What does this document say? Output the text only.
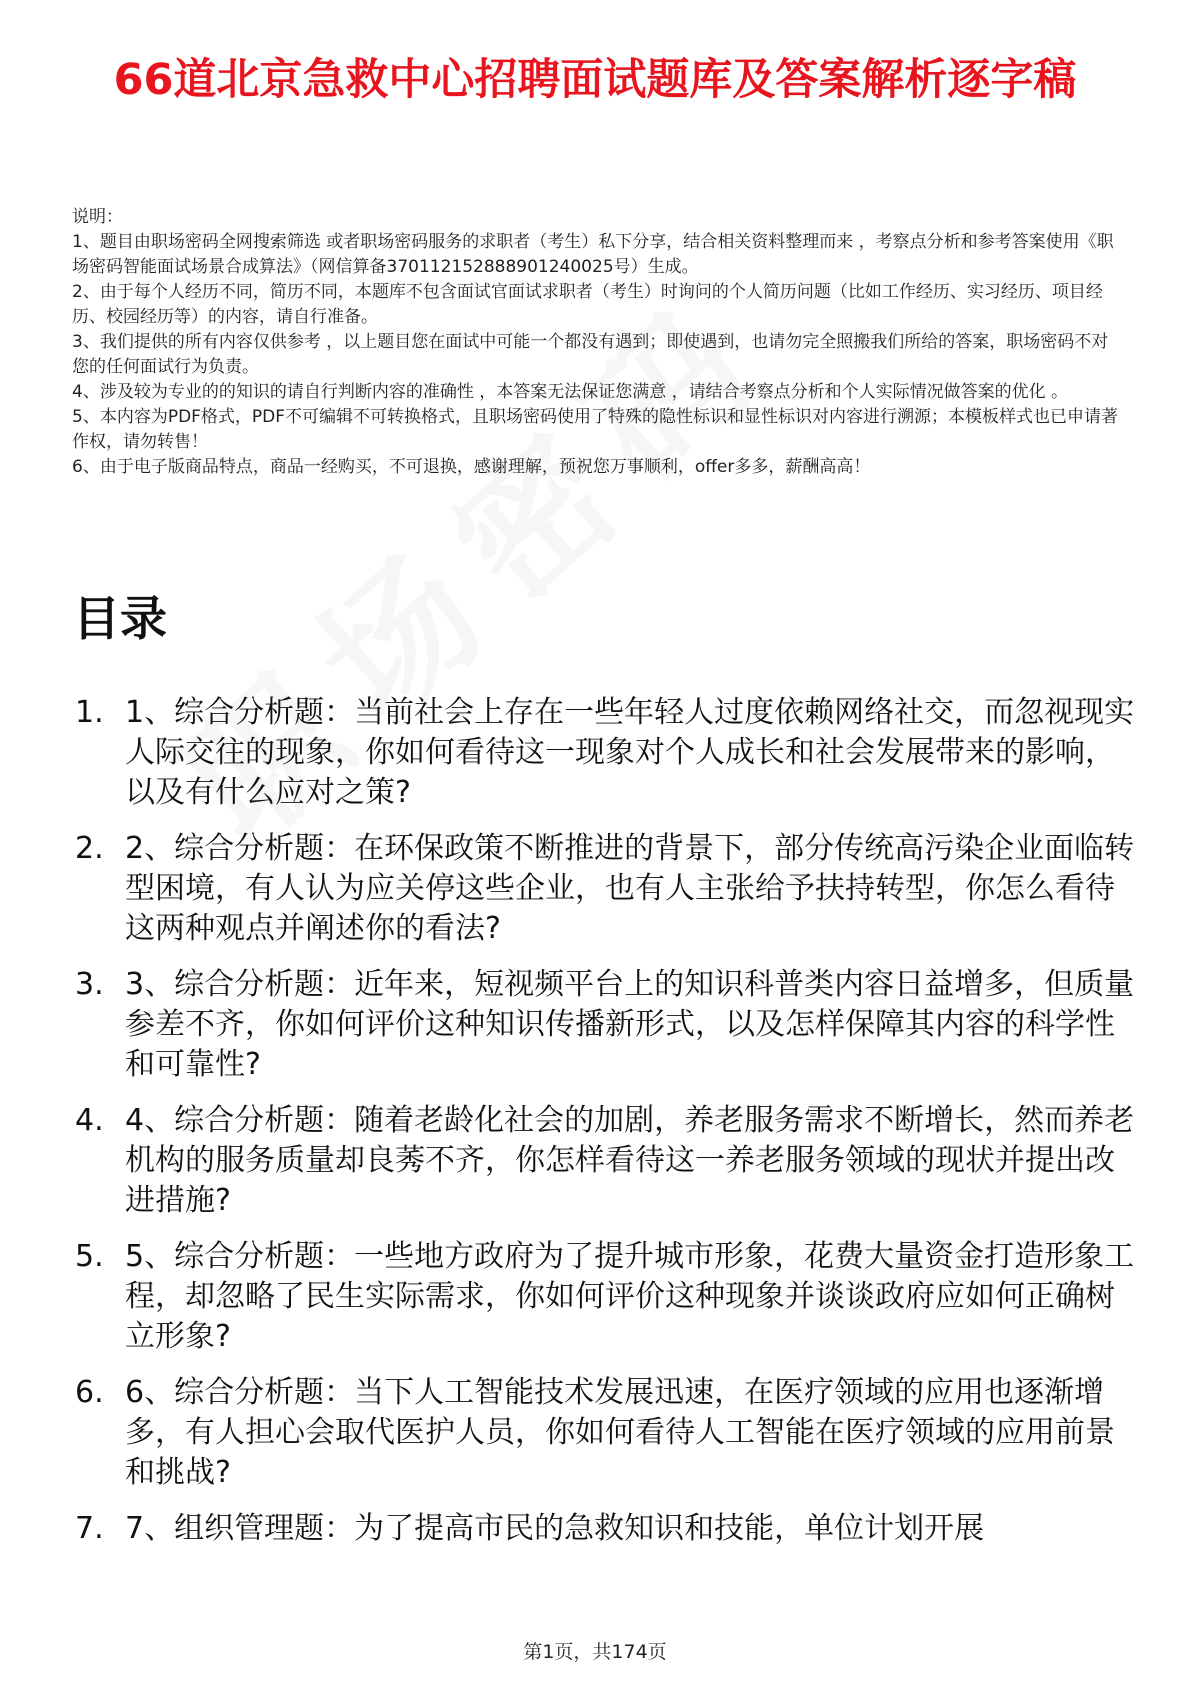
66道北京急救中心招聘面试题库及答案解析逐字稿
说明：

1、题目由职场密码全网搜索筛选 或者职场密码服务的求职者（考生）私下分享，结合相关资料整理而来 ，考察点分析和参考答案使用《职场密码智能面试场景合成算法》（网信算备370112152888901240025号）生成。

2、由于每个人经历不同，简历不同，本题库不包含面试官面试求职者（考生）时询问的个人简历问题（比如工作经历、实习经历、项目经历、校园经历等）的内容，请自行准备。

3、我们提供的所有内容仅供参考 ，以上题目您在面试中可能一个都没有遇到；即使遇到，也请勿完全照搬我们所给的答案，职场密码不对您的任何面试行为负责。

4、涉及较为专业的的知识的请自行判断内容的准确性 ，本答案无法保证您满意 ，请结合考察点分析和个人实际情况做答案的优化 。

5、本内容为PDF格式，PDF不可编辑不可转换格式，且职场密码使用了特殊的隐性标识和显性标识对内容进行溯源；本模板样式也已申请著作权，请勿转售！

6、由于电子版商品特点，商品一经购买，不可退换，感谢理解，预祝您万事顺利，offer多多，薪酬高高！

目录
1. 1、综合分析题：当前社会上存在一些年轻人过度依赖网络社交，而忽视现实人际交往的现象，你如何看待这一现象对个人成长和社会发展带来的影响，以及有什么应对之策?
2. 2、综合分析题：在环保政策不断推进的背景下，部分传统高污染企业面临转型困境，有人认为应关停这些企业，也有人主张给予扶持转型，你怎么看待这两种观点并阐述你的看法?
3. 3、综合分析题：近年来，短视频平台上的知识科普类内容日益增多，但质量参差不齐，你如何评价这种知识传播新形式，以及怎样保障其内容的科学性和可靠性?
4. 4、综合分析题：随着老龄化社会的加剧，养老服务需求不断增长，然而养老机构的服务质量却良莠不齐，你怎样看待这一养老服务领域的现状并提出改进措施?
5. 5、综合分析题：一些地方政府为了提升城市形象，花费大量资金打造形象工程，却忽略了民生实际需求，你如何评价这种现象并谈谈政府应如何正确树立形象?
6. 6、综合分析题：当下人工智能技术发展迅速，在医疗领域的应用也逐渐增多，有人担心会取代医护人员，你如何看待人工智能在医疗领域的应用前景和挑战?
7. 7、组织管理题：为了提高市民的急救知识和技能，单位计划开展
第1页，共174页
